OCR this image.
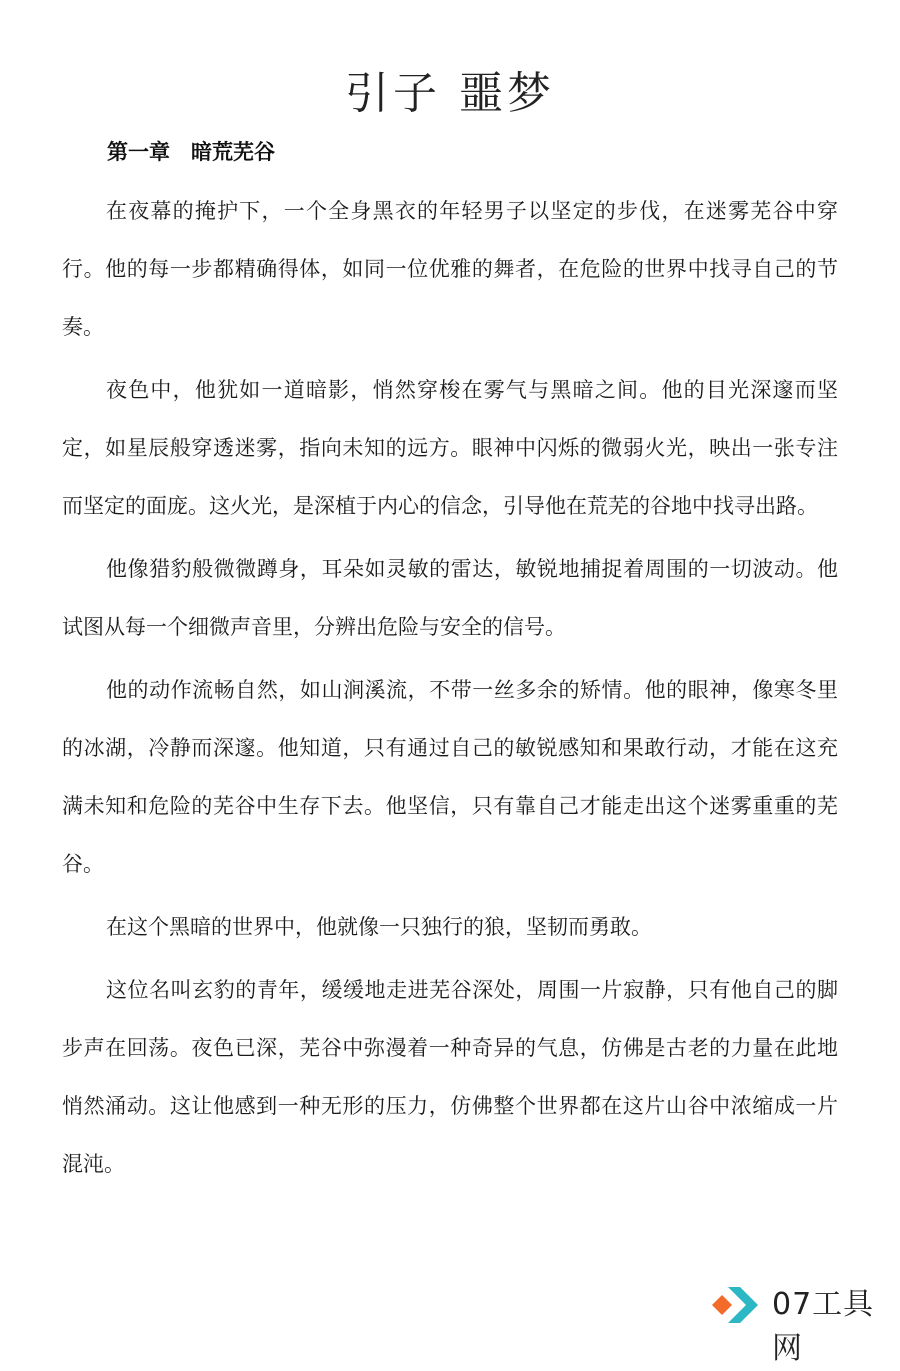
引子 噩梦
第一章　暗荒芜谷

在夜幕的掩护下，一个全身黑衣的年轻男子以坚定的步伐，在迷雾芜谷中穿行。他的每一步都精确得体，如同一位优雅的舞者，在危险的世界中找寻自己的节奏。

夜色中，他犹如一道暗影，悄然穿梭在雾气与黑暗之间。他的目光深邃而坚定，如星辰般穿透迷雾，指向未知的远方。眼神中闪烁的微弱火光，映出一张专注而坚定的面庞。这火光，是深植于内心的信念，引导他在荒芜的谷地中找寻出路。

他像猎豹般微微蹲身，耳朵如灵敏的雷达，敏锐地捕捉着周围的一切波动。他试图从每一个细微声音里，分辨出危险与安全的信号。

他的动作流畅自然，如山涧溪流，不带一丝多余的矫情。他的眼神，像寒冬里的冰湖，冷静而深邃。他知道，只有通过自己的敏锐感知和果敢行动，才能在这充满未知和危险的芜谷中生存下去。他坚信，只有靠自己才能走出这个迷雾重重的芜谷。

在这个黑暗的世界中，他就像一只独行的狼，坚韧而勇敢。

这位名叫玄豹的青年，缓缓地走进芜谷深处，周围一片寂静，只有他自己的脚步声在回荡。夜色已深，芜谷中弥漫着一种奇异的气息，仿佛是古老的力量在此地悄然涌动。这让他感到一种无形的压力，仿佛整个世界都在这片山谷中浓缩成一片混沌。

07工具网
